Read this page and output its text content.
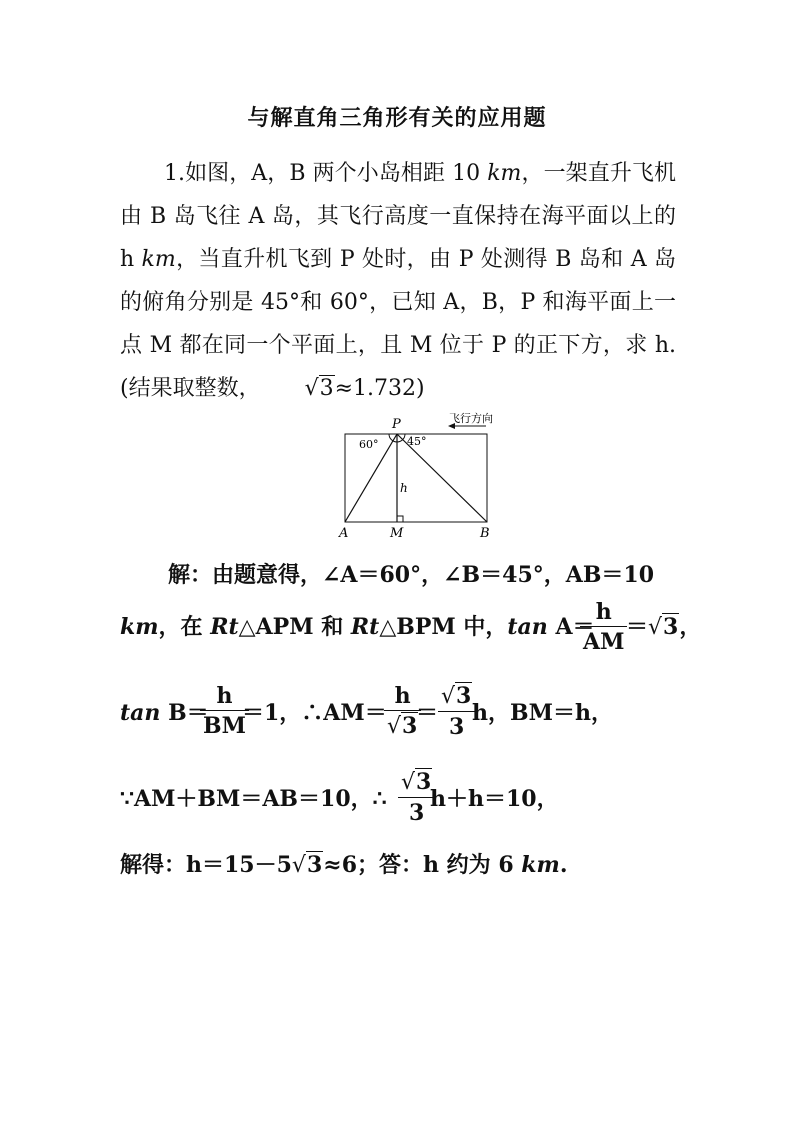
与解直角三角形有关的应用题

1.如图，A，B 两个小岛相距 10 km，一架直升飞机由 B 岛飞往 A 岛，其飞行高度一直保持在海平面以上的 h km，当直升机飞到 P 处时，由 P 处测得 B 岛和 A 岛的俯角分别是 45°和 60°，已知 A，B，P 和海平面上一点 M 都在同一个平面上，且 M 位于 P 的正下方，求 h.(结果取整数， √3≈1.732)

P
A	M	B
h
60°	45°
飞行方向
解：由题意得，∠A＝60°，∠B＝45°，AB＝10
km，在 Rt△APM 和 Rt△BPM 中，tan A＝
$\frac{h}{AM}$
＝√3，
tan B＝
$\frac{h}{BM}$
＝1，∴AM＝
$\frac{h}{√3}$
＝ $\frac{√3}{3}$
h，BM＝h，
∵AM＋BM＝AB＝10，∴ $\frac{√3}{3}$
h＋h＝10，
解得：h＝15－5√3≈6；答：h 约为 6 km.
